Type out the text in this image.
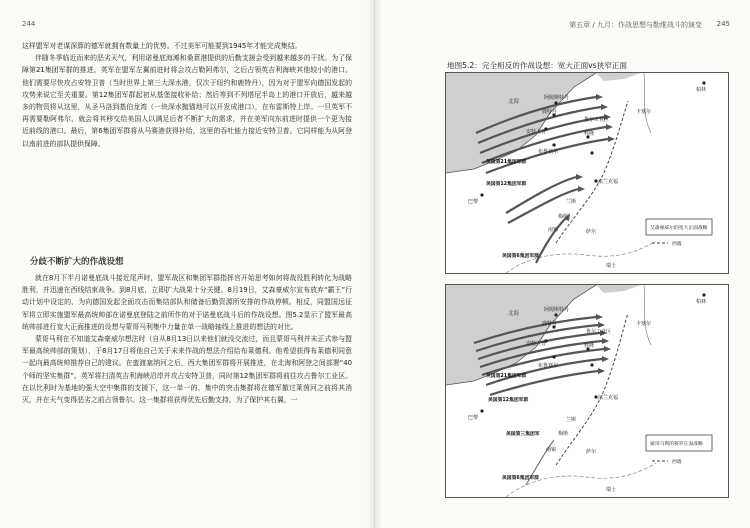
244

这样盟军对老谋深算的德军就拥有数量上的优势。不过美军可能要到1945年才能完成集结。

伴随冬季临近而来的恶劣天气，利用诺曼底海滩和桑葚港提供的后勤支援会受到越来越多的干扰。为了保障第21集团军群的推进，英军在盟军左翼前进时将会攻占勒阿弗尔，之后占领英吉利海峡其他较小的港口。他们需要尽快攻占安特卫普（当时世界上第三大深水港，仅次于纽约和鹿特丹），因为对于盟军向德国发起的攻势来说它至关重要。第12集团军群起初从基堡接收补给；然后等到不列塔尼半岛上的港口开放后，越来越多的物资将从这里，从圣马洛到基伯龙湾（一块深水抛锚地可以开发成港口），在布雷斯特上岸。一旦英军不再需要勒阿弗尔，就会将其移交给美国人以满足后者不断扩大的需求，并在美军向东前进时提供一个更为接近前线的港口。最后，第6集团军群将从马赛港获得补给，这里的吞吐能力接近安特卫普。它同样能为从阿登以南前进的部队提供保障。

分歧不断扩大的作战设想

就在8月下半月诺曼底战斗接近尾声时，盟军战区和集团军群指挥官开始思考如何将战役胜利转化为战略胜利，并迅速在西线结束战争。到8月底，立即扩大战果十分关键。8月19日，艾森豪威尔宣布放弃“霸王”行动计划中设定的，为向德国发起全面攻击而集结部队和储备后勤资源所安排的作战停顿。相反，同盟国远征军将立即实施盟军最高统帅部在诺曼底登陆之前所作的对于诺曼底战斗后的作战设想。图5.2显示了盟军最高统帅部进行宽大正面推进的设想与蒙哥马利集中力量在单一战略轴线上推进的想法的对比。

蒙哥马利在不知道艾森豪威尔想法时（自从8月13日以来他们就没交流过，而且蒙哥马利并未正式参与盟军最高统帅部的策划），于8月17日将他自己关于未来作战的想法介绍给布莱德利。他希望获得布莱德利同意一起向最高统帅推荐自己的建议。在蛮渡塞纳河之后，西大集团军群将开展推进，在北海和阿登之间部署“40个师的坚实集群”。英军将扫清英吉利海峡沿岸并攻占安特卫普，同时第12集团军群将前往攻占鲁尔工业区。在以比利时为基地的强大空中集群的支援下，这一单一的、集中的突击集群将在德军撤过莱茵河之前将其消灭，并在天气变得恶劣之前占领鲁尔。这一集群将获得优先后勤支持。为了保护其右翼，一

第五章 / 九月：作战思想与勒维战斗的演变 245
地图5.2：完全相反的作战设想：宽大正面vs狭窄正面
北海
阿姆斯特丹
鹿特丹
安特卫普
布鲁塞尔
鲁尔工业区
科隆
卡塞尔
法兰克福
柏林
巴黎	兰斯
梅斯
南锡	萨尔
瑞士
英国第21集团军群
美国第12集团军群
美国第6集团军群
艾森豪威尔的宽大正面战略
西墙
北海
阿姆斯特丹
鹿特丹
安特卫普
布鲁塞尔
鲁尔工业区
科隆
卡塞尔
法兰克福
柏林
巴黎	兰斯
梅斯
南锡	萨尔
瑞士
英国第21集团军群
美国第12集团军群
美国第三集团军
美国第6集团军群
蒙哥马利的狭窄正面战略
西墙
